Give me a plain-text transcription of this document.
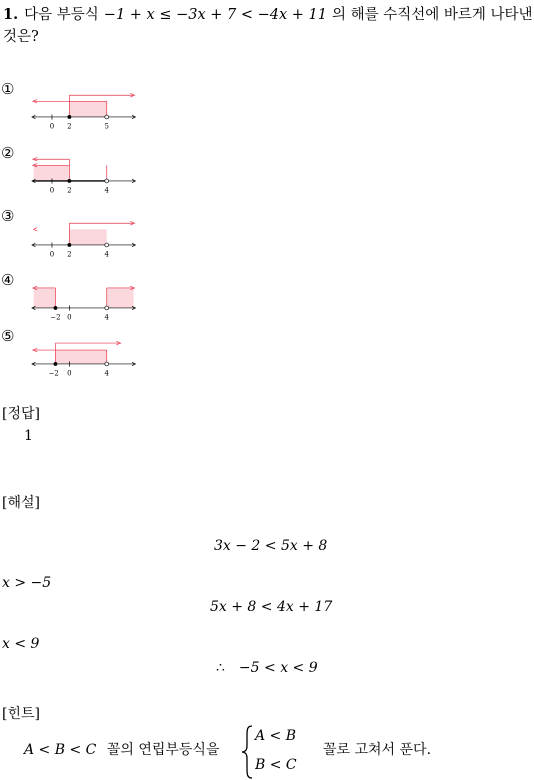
1. 다음 부등식 −1 + x ≤ −3x + 7 < −4x + 11 의 해를 수직선에 바르게 나타낸
것은?
①
0 2	5
②
0 2	4
③
0 2	4
④
−2 0	4
⑤
−2 0	4
[정답]
1
[해설]
3x − 2 < 5x + 8
x > −5
5x + 8 < 4x + 17
x < 9
∴ −5 < x < 9
[힌트]
A < B < C 꼴의 연립부등식을
A < B
B < C
꼴로 고쳐서 푼다.
